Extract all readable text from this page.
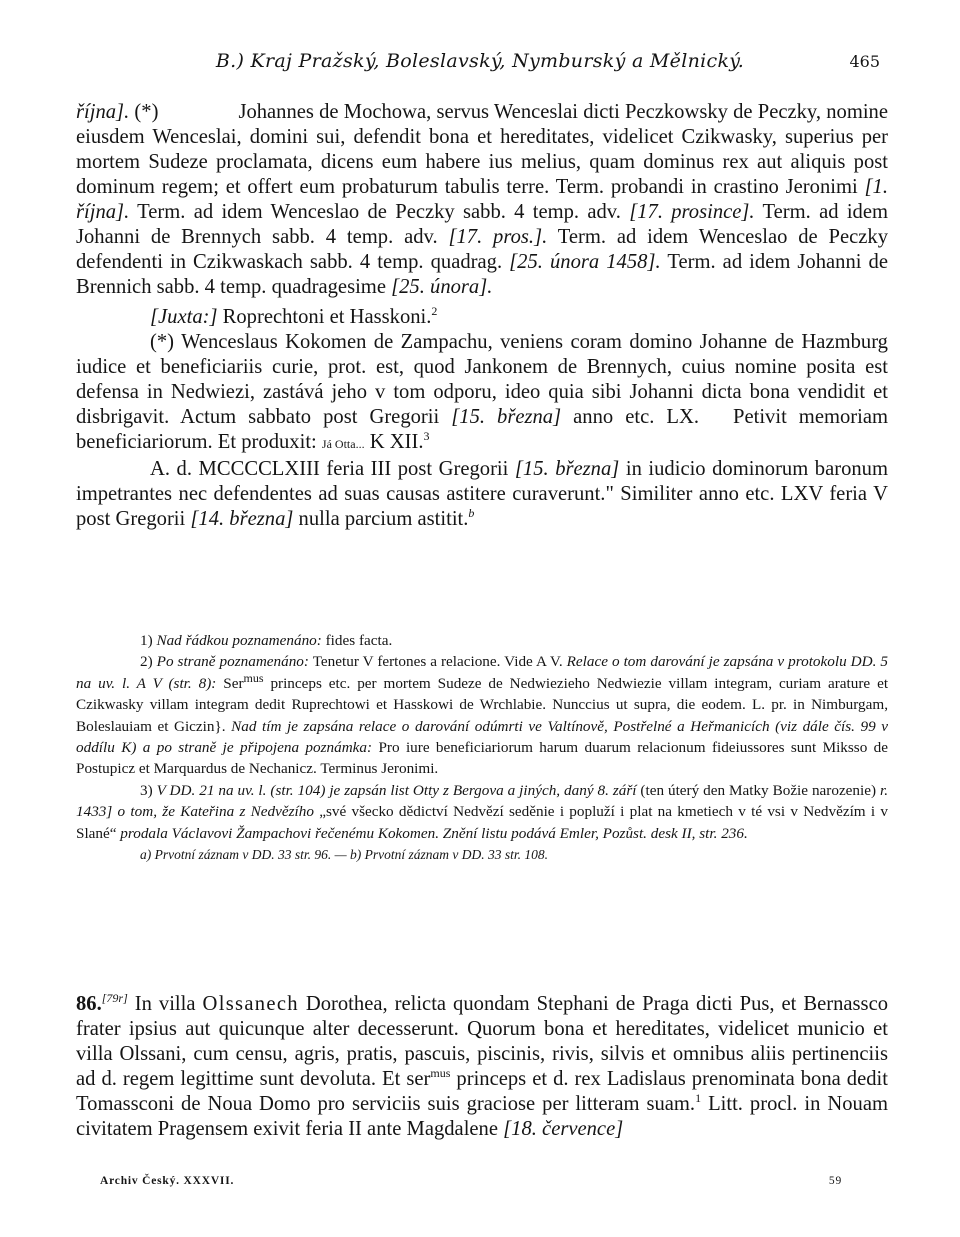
B.) Kraj Pražský, Boleslavský, Nymburský a Mělnický.	465

října]. (*)	Johannes de Mochowa, servus Wenceslai dicti Peczkowsky de Peczky, nomine eiusdem Wenceslai, domini sui, defendit bona et hereditates, videlicet Czikwasky, superius per mortem Sudeze proclamata, dicens eum habere ius melius, quam dominus rex aut aliquis post dominum regem; et offert eum probaturum tabulis terre. Term. probandi in crastino Jeronimi [1. října]. Term. ad idem Wenceslao de Peczky sabb. 4 temp. adv. [17. prosince]. Term. ad idem Johanni de Brennych sabb. 4 temp. adv. [17. pros.]. Term. ad idem Wenceslao de Peczky defendenti in Czikwaskach sabb. 4 temp. quadrag. [25. února 1458]. Term. ad idem Johanni de Brennich sabb. 4 temp. quadragesime [25. února].

[Juxta:] Roprechtoni et Hasskoni.$^2$

(*) Wenceslaus Kokomen de Zampachu, veniens coram domino Johanne de Hazmburg iudice et beneficiariis curie, prot. est, quod Jankonem de Brennych, cuius nomine posita est defensa in Nedwiezi, zastává jeho v tom odporu, ideo quia sibi Johanni dicta bona vendidit et disbrigavit. Actum sabbato post Gregorii [15. března] anno etc. LX. Petivit memoriam beneficiariorum. Et produxit: Já Otta... K XII.$^3$

A. d. MCCCCLXIII feria III post Gregorii [15. března] in iudicio dominorum baronum impetrantes nec defendentes ad suas causas astitere curaverunt." Similiter anno etc. LXV feria V post Gregorii [14. března] nulla parcium astitit.$^b$

1) Nad řádkou poznamenáno: fides facta.

2) Po straně poznamenáno: Tenetur V fertones a relacione. Vide A V. Relace o tom darování je zapsána v protokolu DD. 5 na uv. l. A V (str. 8): Ser$^{mus}$ princeps etc. per mortem Sudeze de Nedwiezieho Nedwiezie villam integram, curiam arature et Czikwasky villam integram dedit Ruprechtowi et Hasskowi de Wrchlabie. Nunccius ut supra, die eodem. L. pr. in Nimburgam, Boleslauiam et Giczin}. Nad tím je zapsána relace o darování odúmrti ve Valtínově, Postřelné a Heřmanicích (viz dále čís. 99 v oddílu K) a po straně je připojena poznámka: Pro iure beneficiariorum harum duarum relacionum fideiussores sunt Miksso de Postupicz et Marquardus de Nechanicz. Terminus Jeronimi.

3) V DD. 21 na uv. l. (str. 104) je zapsán list Otty z Bergova a jiných, daný 8. září (ten úterý den Matky Božie narozenie) r. 1433] o tom, že Kateřina z Nedvězího „své všecko dědictví Nedvězí seděnie i popluží i plat na kmetiech v té vsi v Nedvězím i v Slané“ prodala Václavovi Žampachovi řečenému Kokomen. Znění listu podává Emler, Pozůst. desk II, str. 236.

a) Prvotní záznam v DD. 33 str. 96. — b) Prvotní záznam v DD. 33 str. 108.

86.[79r] In villa Olssanech Dorothea, relicta quondam Stephani de Praga dicti Pus, et Bernassco frater ipsius aut quicunque alter decesserunt. Quorum bona et hereditates, videlicet municio et villa Olssani, cum censu, agris, pratis, pascuis, piscinis, rivis, silvis et omnibus aliis pertinenciis ad d. regem legittime sunt devoluta. Et ser$^{mus}$ princeps et d. rex Ladislaus prenominata bona dedit Tomassconi de Noua Domo pro serviciis suis graciose per litteram suam.$^1$ Litt. procl. in Nouam civitatem Pragensem exivit feria II ante Magdalene [18. července]

Archiv Český. XXXVII.	59
